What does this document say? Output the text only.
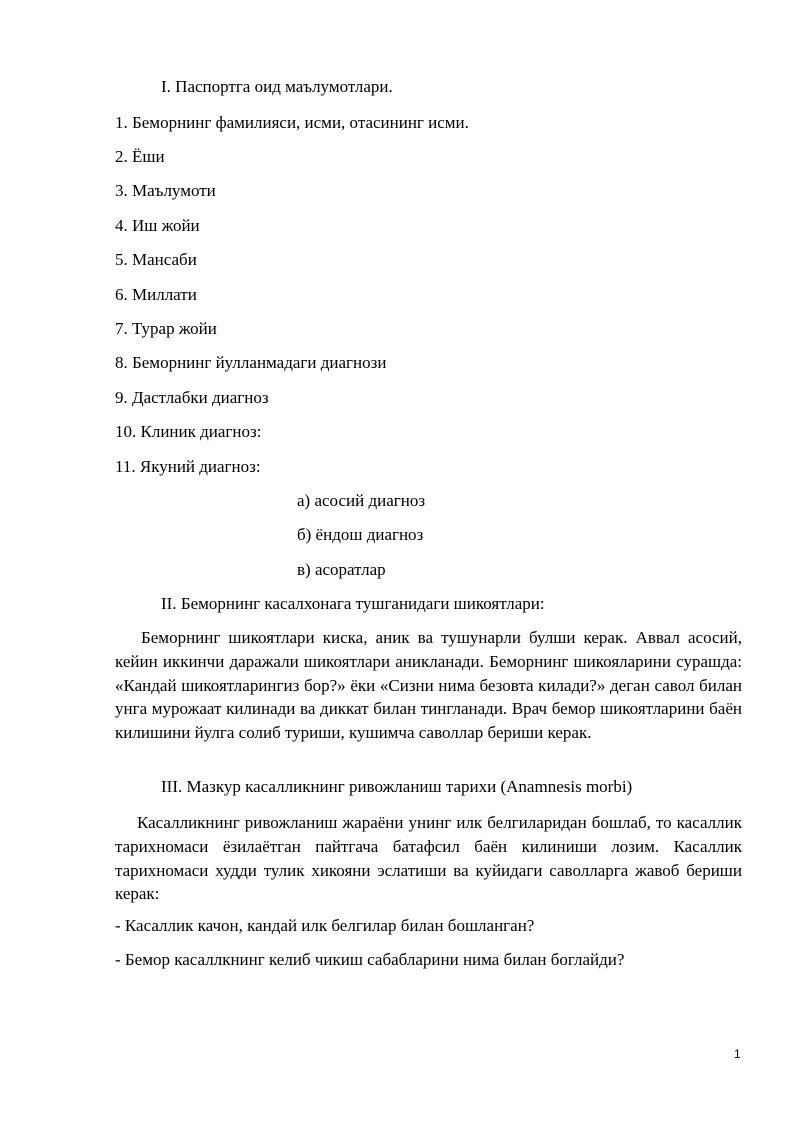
I. Паспортга оид маълумотлари.
1. Беморнинг фамилияси, исми, отасининг исми.
2. Ёши
3. Маълумоти
4. Иш жойи
5. Мансаби
6. Миллати
7. Турар жойи
8. Беморнинг йулланмадаги диагнози
9. Дастлабки диагноз
10. Клиник диагноз:
11. Якуний диагноз:
а) асосий диагноз
б) ёндош диагноз
в) асоратлар
II. Беморнинг касалхонага тушганидаги шикоятлари:

Беморнинг шикоятлари киска, аник ва тушунарли булши керак. Аввал асосий, кейин иккинчи даражали шикоятлари аникланади. Беморнинг шикояларини сурашда: «Кандай шикоятларингиз бор?» ёки «Сизни нима безовта килади?» деган савол билан унга мурожаат килинади ва диккат билан тингланади. Врач бемор шикоятларини баён килишини йулга солиб туриши, кушимча саволлар бериши керак.

III. Мазкур касалликнинг ривожланиш тарихи (Anamnesis morbi)

Касалликнинг ривожланиш жараёни унинг илк белгиларидан бошлаб, то касаллик тарихномаси ёзилаётган пайтгача батафсил баён килиниши лозим. Касаллик тарихномаси худди тулик хикояни эслатиши ва куйидаги саволларга жавоб бериши керак:

- Касаллик качон, кандай илк белгилар билан бошланган?
- Бемор касаллкнинг келиб чикиш сабабларини нима билан боглайди?
1
